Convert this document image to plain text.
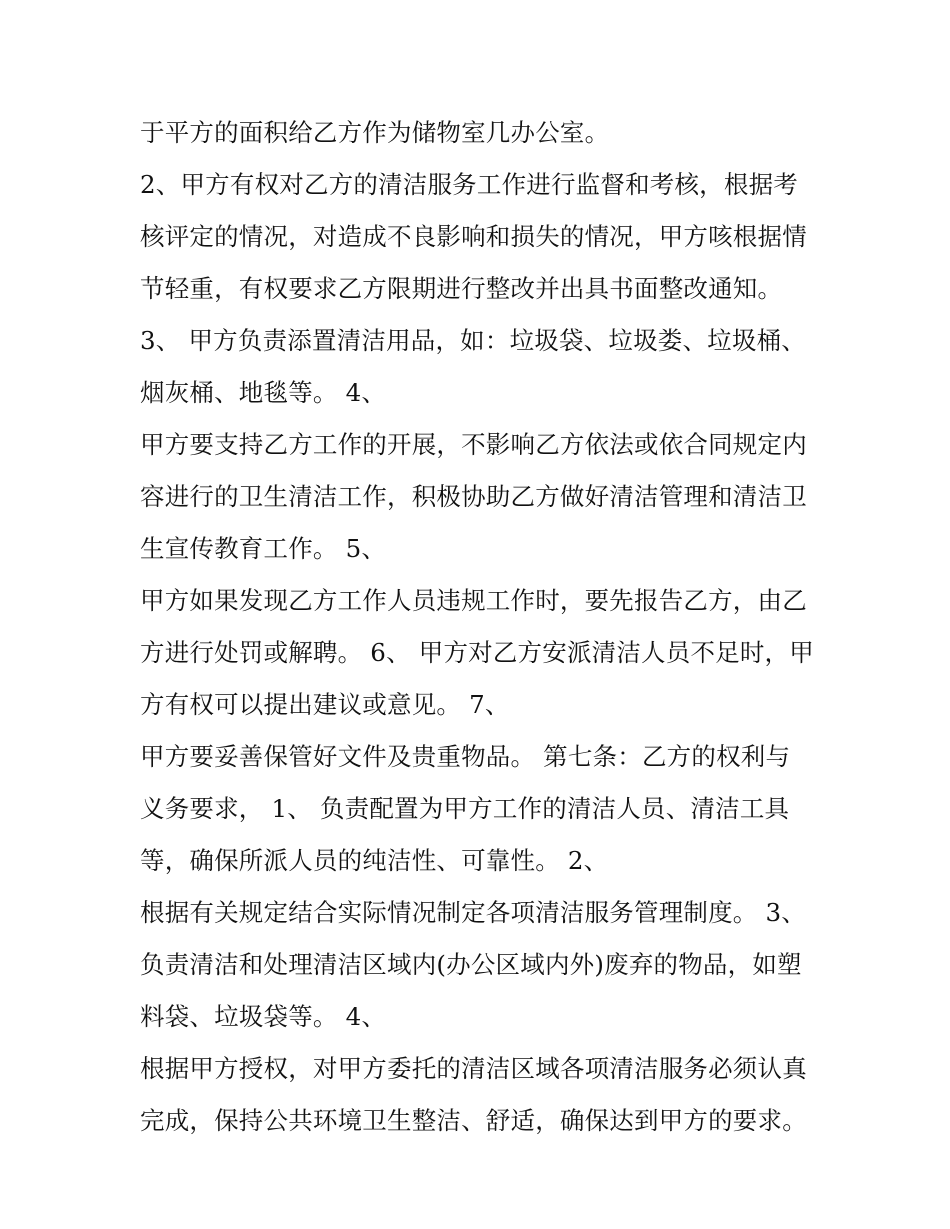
于平方的面积给乙方作为储物室几办公室。
2、甲方有权对乙方的清洁服务工作进行监督和考核，根据考
核评定的情况，对造成不良影响和损失的情况，甲方咳根据情
节轻重，有权要求乙方限期进行整改并出具书面整改通知。
3、 甲方负责添置清洁用品，如：垃圾袋、垃圾娄、垃圾桶、
烟灰桶、地毯等。 4、
甲方要支持乙方工作的开展，不影响乙方依法或依合同规定内
容进行的卫生清洁工作，积极协助乙方做好清洁管理和清洁卫
生宣传教育工作。 5、
甲方如果发现乙方工作人员违规工作时，要先报告乙方，由乙
方进行处罚或解聘。 6、 甲方对乙方安派清洁人员不足时，甲
方有权可以提出建议或意见。 7、
甲方要妥善保管好文件及贵重物品。 第七条：乙方的权利与
义务要求， 1、 负责配置为甲方工作的清洁人员、清洁工具
等，确保所派人员的纯洁性、可靠性。 2、
根据有关规定结合实际情况制定各项清洁服务管理制度。 3、
负责清洁和处理清洁区域内(办公区域内外)废弃的物品，如塑
料袋、垃圾袋等。 4、
根据甲方授权，对甲方委托的清洁区域各项清洁服务必须认真
完成，保持公共环境卫生整洁、舒适，确保达到甲方的要求。
